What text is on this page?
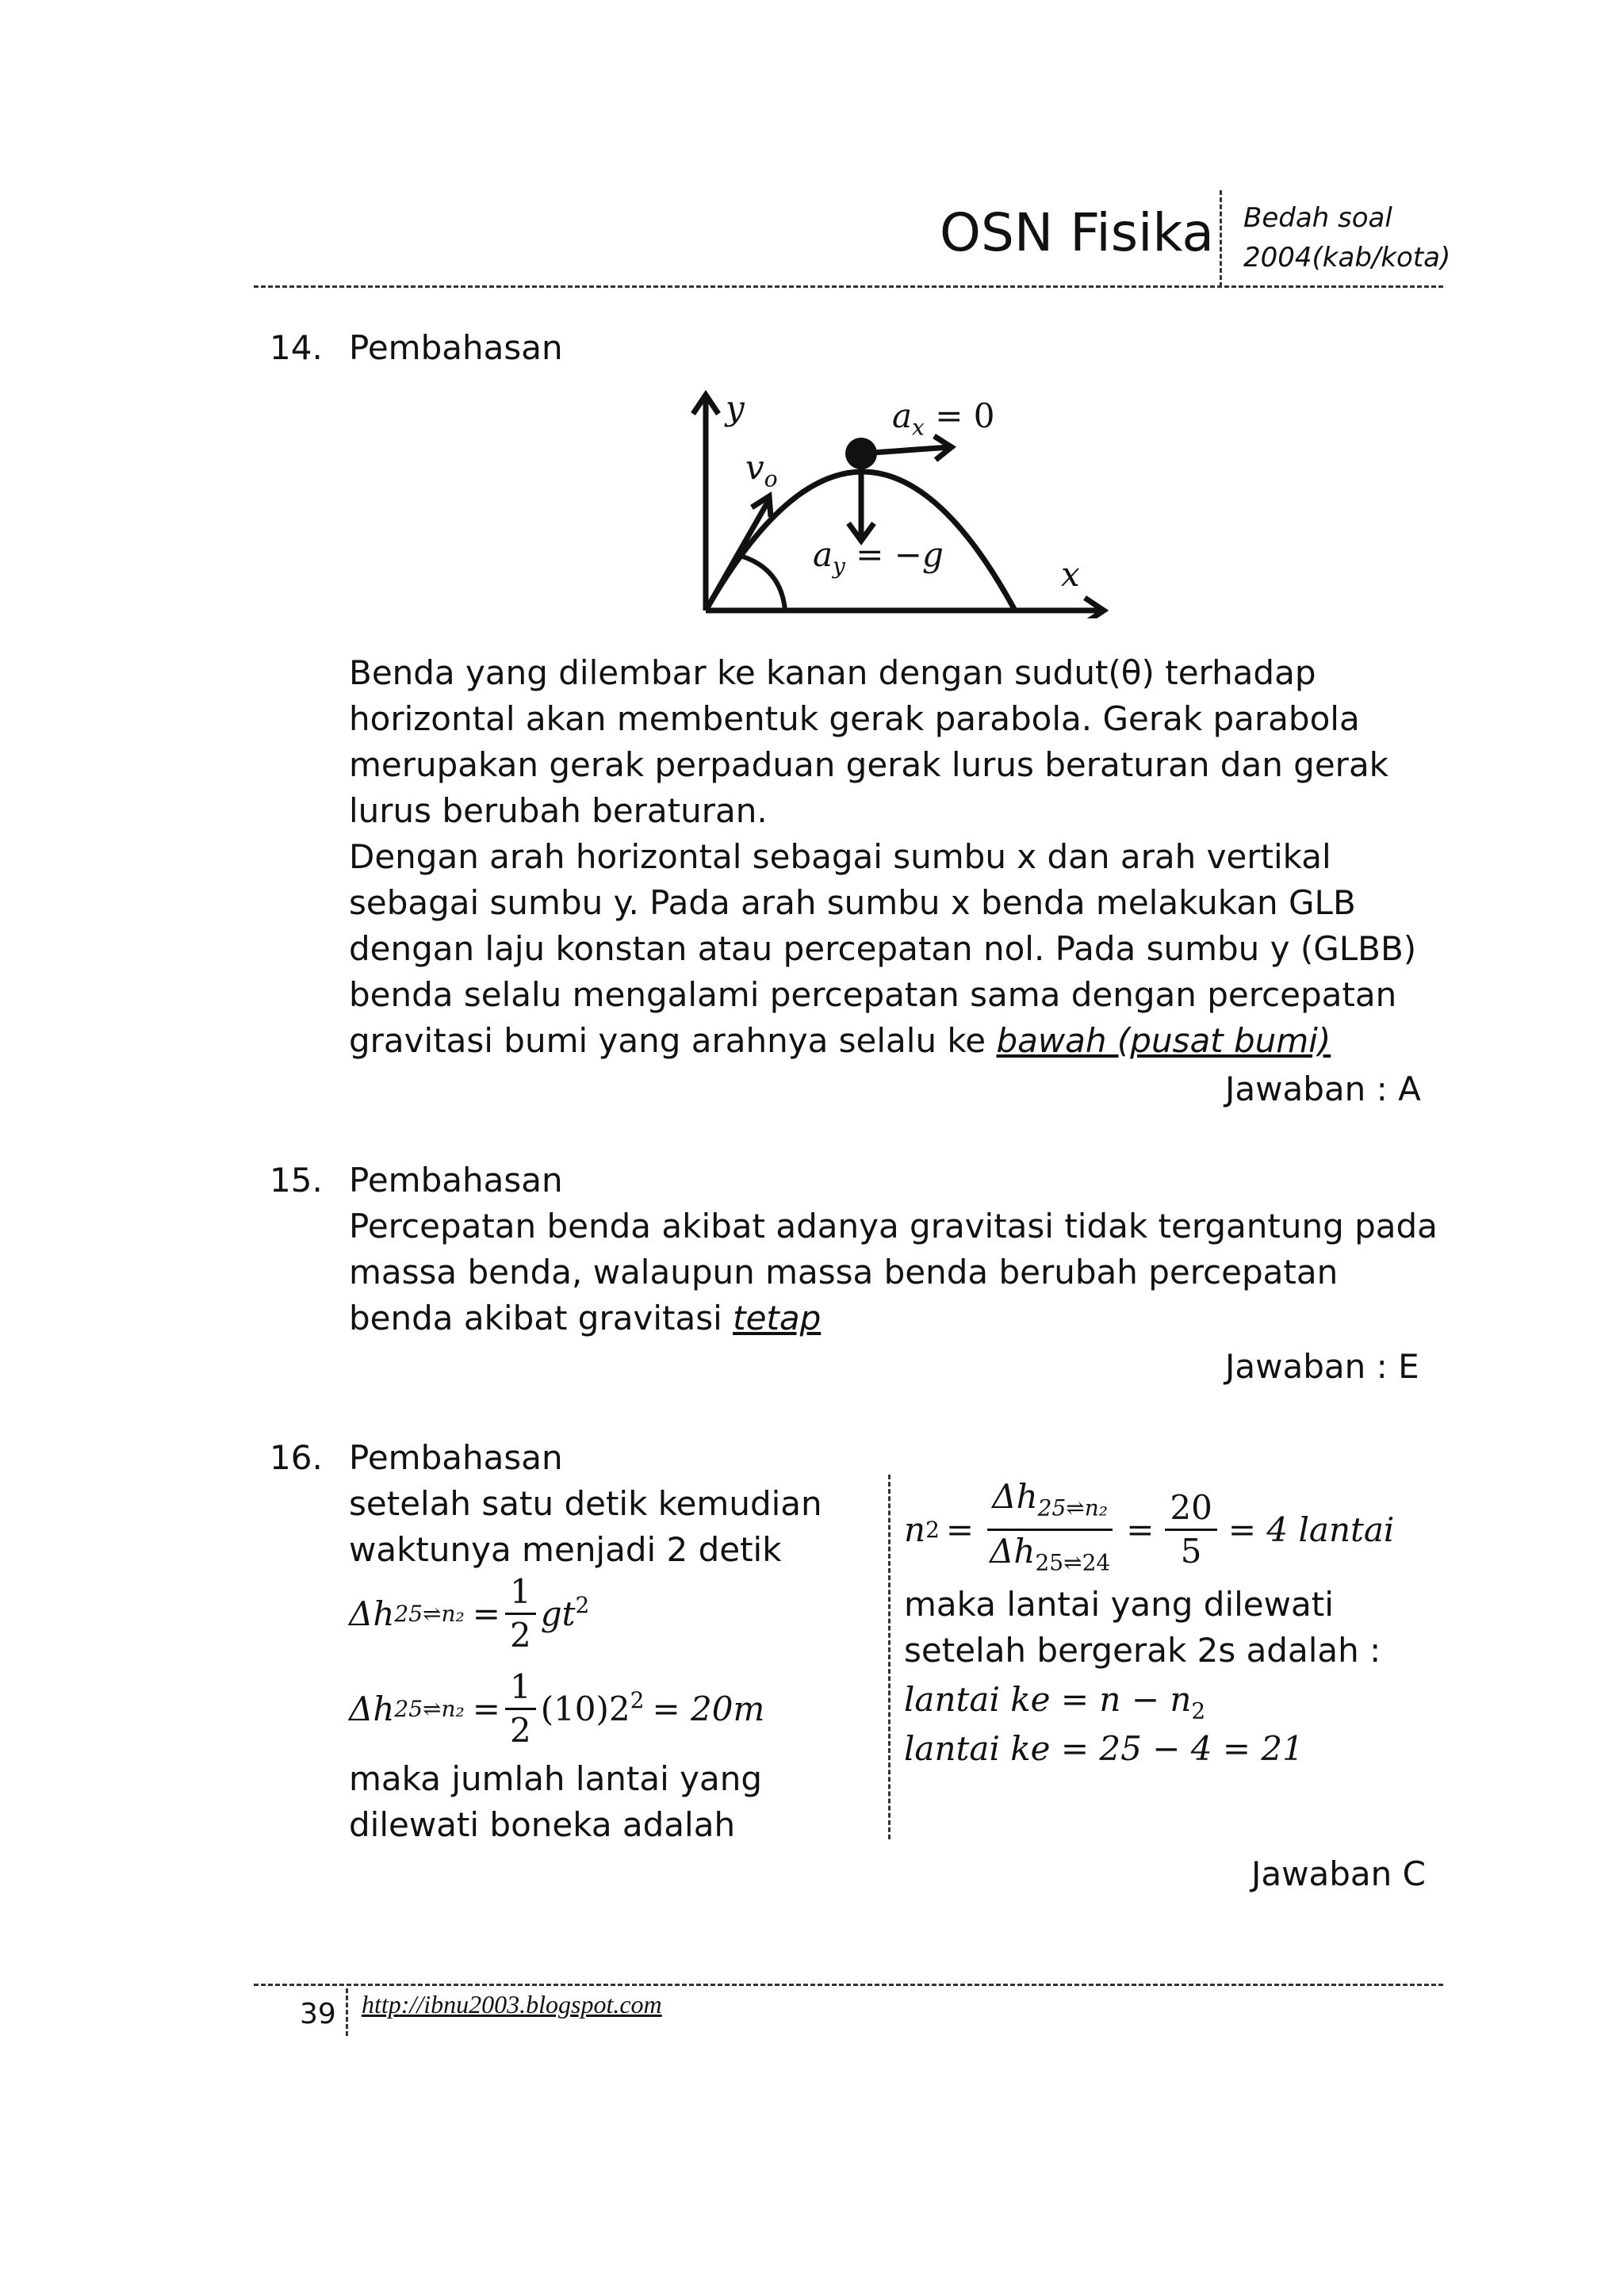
OSN Fisika Bedah soal
2004(kab/kota)
14. Pembahasan
y
x
$v_o$
$a_x = 0$
$a_y = -g$
Benda yang dilembar ke kanan dengan sudut(θ) terhadap
horizontal akan membentuk gerak parabola. Gerak parabola
merupakan gerak perpaduan gerak lurus beraturan dan gerak
lurus berubah beraturan.
Dengan arah horizontal sebagai sumbu x dan arah vertikal
sebagai sumbu y. Pada arah sumbu x benda melakukan GLB
dengan laju konstan atau percepatan nol. Pada sumbu y (GLBB)
benda selalu mengalami percepatan sama dengan percepatan
gravitasi bumi yang arahnya selalu ke bawah (pusat bumi)
Jawaban : A
15. Pembahasan
Percepatan benda akibat adanya gravitasi tidak tergantung pada
massa benda, walaupun massa benda berubah percepatan
benda akibat gravitasi tetap
Jawaban : E
16. Pembahasan
setelah satu detik kemudian
waktunya menjadi 2 detik
Δh 25⇌n₂ = $\frac{1}{2} gt^2$
Δh 25⇌n₂ = $\frac{1}{2} (10)2^2 = 20m$
maka jumlah lantai yang
dilewati boneka adalah
n $2 = \frac{\Delta h_{25\rightleftharpoons n_2}}{\Delta h_{25\rightleftharpoons 24}} = \frac{20}{5} = 4$ lantai
maka lantai yang dilewati
setelah bergerak 2s adalah :
lantai ke = $n - n_2$
lantai ke = 25 − 4 = 21
Jawaban C
39 http://ibnu2003.blogspot.com
